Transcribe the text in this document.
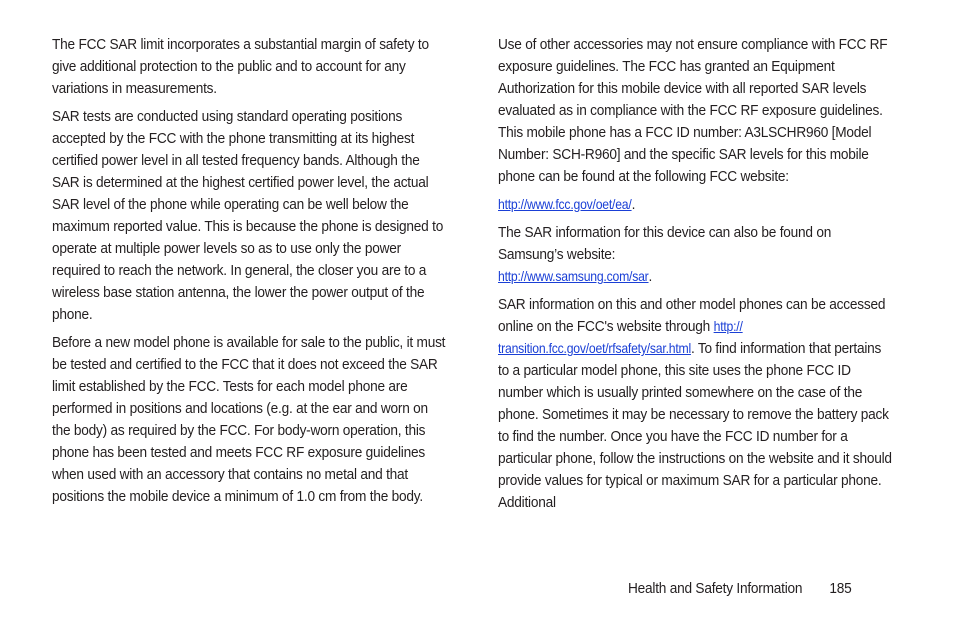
The FCC SAR limit incorporates a substantial margin of safety to give additional protection to the public and to account for any variations in measurements.

SAR tests are conducted using standard operating positions accepted by the FCC with the phone transmitting at its highest certified power level in all tested frequency bands. Although the SAR is determined at the highest certified power level, the actual SAR level of the phone while operating can be well below the maximum reported value. This is because the phone is designed to operate at multiple power levels so as to use only the power required to reach the network. In general, the closer you are to a wireless base station antenna, the lower the power output of the phone.

Before a new model phone is available for sale to the public, it must be tested and certified to the FCC that it does not exceed the SAR limit established by the FCC. Tests for each model phone are performed in positions and locations (e.g. at the ear and worn on the body) as required by the FCC. For body-worn operation, this phone has been tested and meets FCC RF exposure guidelines when used with an accessory that contains no metal and that positions the mobile device a minimum of 1.0 cm from the body.

Use of other accessories may not ensure compliance with FCC RF exposure guidelines. The FCC has granted an Equipment Authorization for this mobile device with all reported SAR levels evaluated as in compliance with the FCC RF exposure guidelines. This mobile phone has a FCC ID number: A3LSCHR960 [Model Number: SCH-R960] and the specific SAR levels for this mobile phone can be found at the following FCC website:

http://www.fcc.gov/oet/ea/.

The SAR information for this device can also be found on Samsung’s website:
http://www.samsung.com/sar.

SAR information on this and other model phones can be accessed online on the FCC's website through http://
transition.fcc.gov/oet/rfsafety/sar.html. To find information that pertains to a particular model phone, this site uses the phone FCC ID number which is usually printed somewhere on the case of the phone. Sometimes it may be necessary to remove the battery pack to find the number. Once you have the FCC ID number for a particular phone, follow the instructions on the website and it should provide values for typical or maximum SAR for a particular phone. Additional

Health and Safety Information 185
